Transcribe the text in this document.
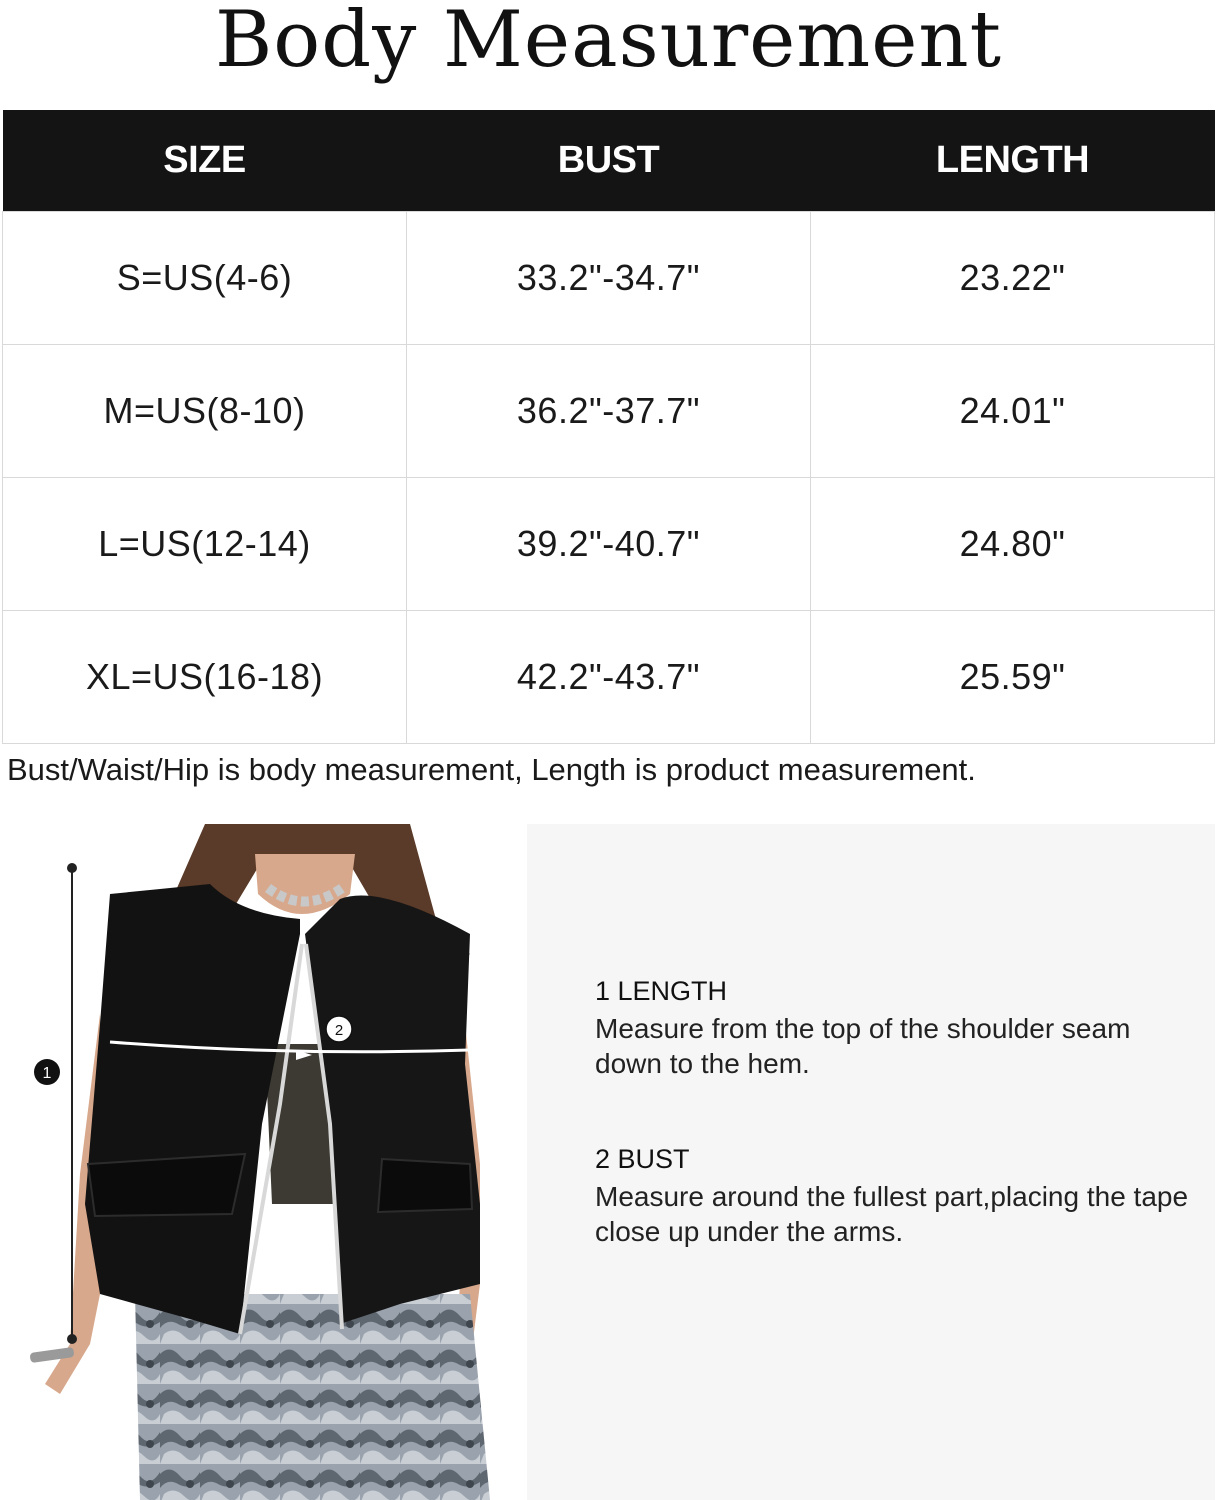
Body Measurement
SIZE	BUST	LENGTH
S=US(4-6)	33.2"-34.7"	23.22"
M=US(8-10)	36.2"-37.7"	24.01"
L=US(12-14)	39.2"-40.7"	24.80"
XL=US(16-18)	42.2"-43.7"	25.59"
Bust/Waist/Hip is body measurement, Length is product measurement.
1
2

1 LENGTH

Measure from the top of the shoulder seam down to the hem.

2 BUST

Measure around the fullest part,placing the tape close up under the arms.
